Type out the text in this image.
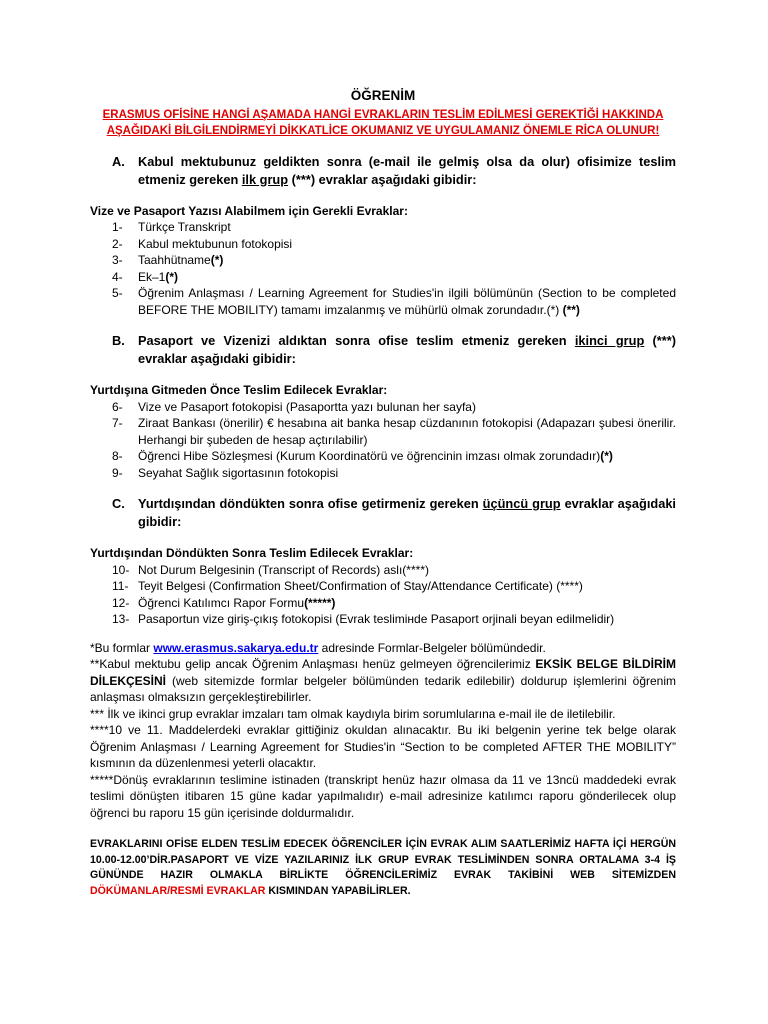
ÖĞRENİM
ERASMUS OFİSİNE HANGİ AŞAMADA HANGİ EVRAKLARIN TESLİM EDİLMESİ GEREKTİĞİ HAKKINDA
AŞAĞIDAKİ BİLGİLENDİRMEYİ DİKKATLİCE OKUMANIZ VE UYGULAMANIZ ÖNEMLE RİCA OLUNUR!
A.	Kabul mektubunuz geldikten sonra (e-mail ile gelmiş olsa da olur) ofisimize teslim etmeniz gereken ilk grup (***) evraklar aşağıdaki gibidir:

Vize ve Pasaport Yazısı Alabilmem için Gerekli Evraklar:

1-	Türkçe Transkript
2-	Kabul mektubunun fotokopisi
3-	Taahhütname(*)
4-	Ek–1(*)
5-	Öğrenim Anlaşması / Learning Agreement for Studies'in ilgili bölümünün (Section to be completed BEFORE THE MOBILITY) tamamı imzalanmış ve mühürlü olmak zorundadır.(*) (**)
B.	Pasaport ve Vizenizi aldıktan sonra ofise teslim etmeniz gereken ikinci grup (***) evraklar aşağıdaki gibidir:

Yurtdışına Gitmeden Önce Teslim Edilecek Evraklar:

6-	Vize ve Pasaport fotokopisi (Pasaportta yazı bulunan her sayfa)
7-	Ziraat Bankası (önerilir) € hesabına ait banka hesap cüzdanının fotokopisi (Adapazarı şubesi önerilir. Herhangi bir şubeden de hesap açtırılabilir)
8-	Öğrenci Hibe Sözleşmesi (Kurum Koordinatörü ve öğrencinin imzası olmak zorundadır)(*)
9-	Seyahat Sağlık sigortasının fotokopisi
C.	Yurtdışından döndükten sonra ofise getirmeniz gereken üçüncü grup evraklar aşağıdaki gibidir:

Yurtdışından Döndükten Sonra Teslim Edilecek Evraklar:

10- Not Durum Belgesinin (Transcript of Records) aslı(****)
11- Teyit Belgesi (Confirmation Sheet/Confirmation of Stay/Attendance Certificate) (****)
12- Öğrenci Katılımcı Rapor Formu(*****)
13- Pasaportun vize giriş-çıkış fotokopisi (Evrak teslimінde Pasaport orjinali beyan edilmelidir)

*Bu formlar www.erasmus.sakarya.edu.tr adresinde Formlar-Belgeler bölümündedir.

**Kabul mektubu gelip ancak Öğrenim Anlaşması henüz gelmeyen öğrencilerimiz EKSİK BELGE BİLDİRİM DİLEKÇESİNİ (web sitemizde formlar belgeler bölümünden tedarik edilebilir) doldurup işlemlerini öğrenim anlaşması olmaksızın gerçekleştirebilirler.

*** İlk ve ikinci grup evraklar imzaları tam olmak kaydıyla birim sorumlularına e-mail ile de iletilebilir.

****10 ve 11. Maddelerdeki evraklar gittiğiniz okuldan alınacaktır. Bu iki belgenin yerine tek belge olarak Öğrenim Anlaşması / Learning Agreement for Studies'in “Section to be completed AFTER THE MOBILITY” kısmının da düzenlenmesi yeterli olacaktır.

*****Dönüş evraklarının teslimine istinaden (transkript henüz hazır olmasa da 11 ve 13ncü maddedeki evrak teslimi dönüşten itibaren 15 güne kadar yapılmalıdır) e-mail adresinize katılımcı raporu gönderilecek olup öğrenci bu raporu 15 gün içerisinde doldurmalıdır.

EVRAKLARINI OFİSE ELDEN TESLİM EDECEK ÖĞRENCİLER İÇİN EVRAK ALIM SAATLERİMİZ HAFTA İÇİ HERGÜN 10.00-12.00’DİR.PASAPORT VE VİZE YAZILARINIZ İLK GRUP EVRAK TESLİMİNDEN SONRA ORTALAMA 3-4 İŞ GÜNÜNDE HAZIR OLMAKLA BİRLİKTE ÖĞRENCİLERİMİZ EVRAK TAKİBİNİ WEB SİTEMİZDEN DÖKÜMANLAR/RESMİ EVRAKLAR KISMINDAN YAPABİLİRLER.
